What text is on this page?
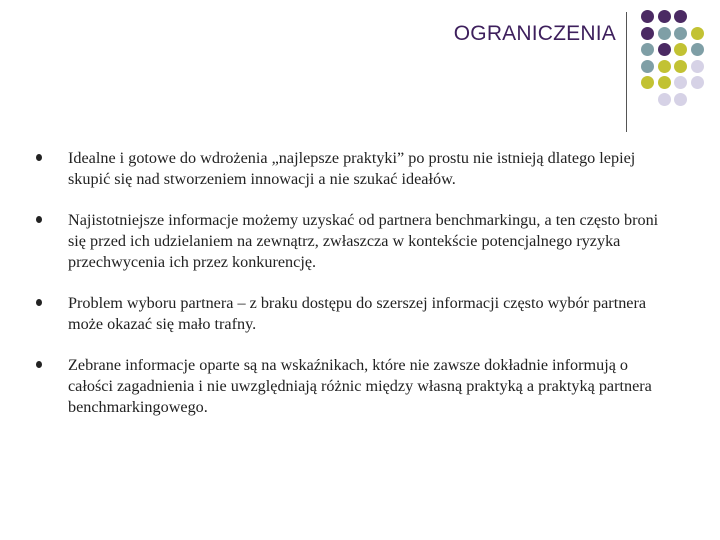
OGRANICZENIA
Idealne i gotowe do wdrożenia „najlepsze praktyki” po prostu nie istnieją dlatego lepiej skupić się nad stworzeniem innowacji a nie szukać ideałów.
Najistotniejsze informacje możemy uzyskać od partnera benchmarkingu, a ten często broni się przed ich udzielaniem na zewnątrz, zwłaszcza w kontekście potencjalnego ryzyka przechwycenia ich przez konkurencję.
Problem wyboru partnera – z braku dostępu do szerszej informacji często wybór partnera może okazać się mało trafny.
Zebrane informacje oparte są na wskaźnikach, które nie zawsze dokładnie informują o całości zagadnienia i nie uwzględniają różnic między własną praktyką a praktyką partnera benchmarkingowego.
